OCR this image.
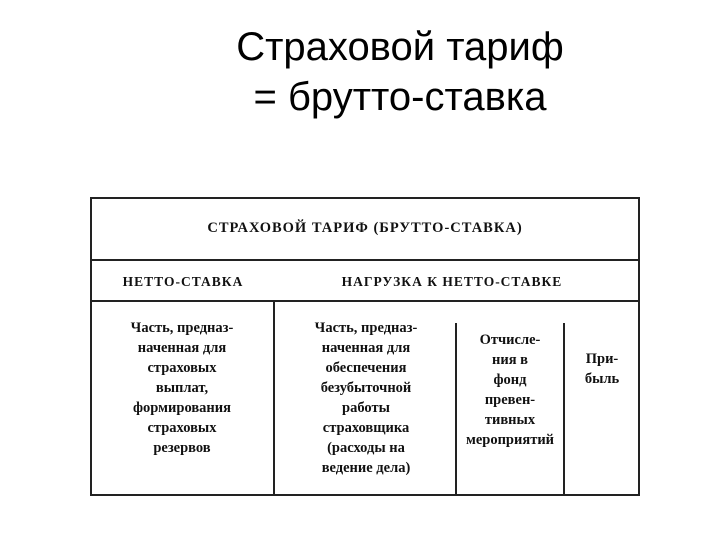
Страховой тариф
= брутто-ставка
СТРАХОВОЙ ТАРИФ (БРУТТО-СТАВКА)
НЕТТО-СТАВКА	НАГРУЗКА К НЕТТО-СТАВКЕ
Часть, предназ-
наченная для
страховых
выплат,
формирования
страховых
резервов
Часть, предназ-
наченная для
обеспечения
безубыточной
работы
страховщика
(расходы на
ведение дела)
Отчисле-
ния в
фонд
превен-
тивных
мероприятий
При-
быль
